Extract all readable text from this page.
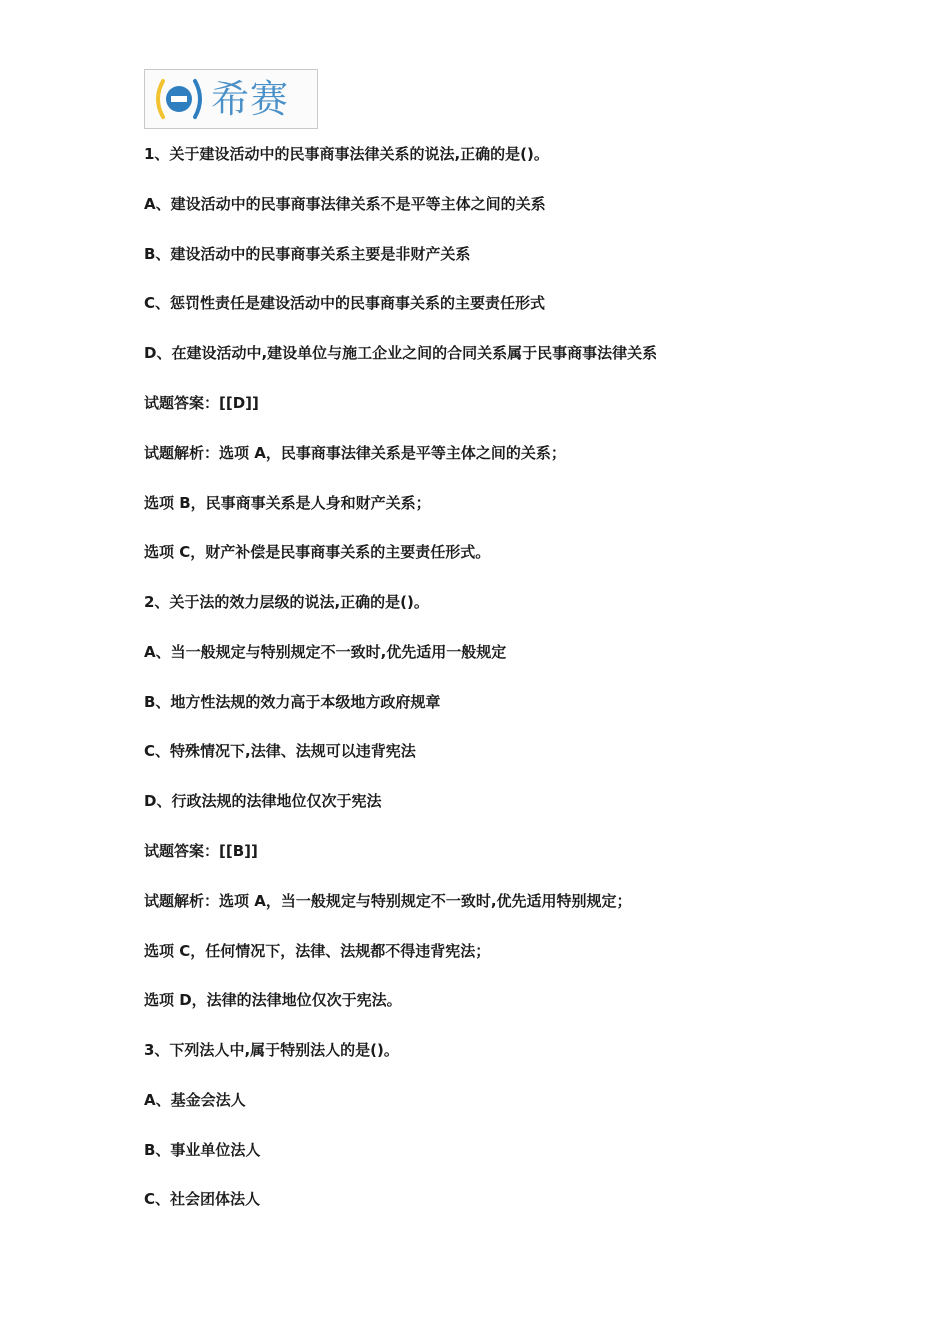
希赛
1、关于建设活动中的民事商事法律关系的说法,正确的是()。
A、建设活动中的民事商事法律关系不是平等主体之间的关系
B、建设活动中的民事商事关系主要是非财产关系
C、惩罚性责任是建设活动中的民事商事关系的主要责任形式
D、在建设活动中,建设单位与施工企业之间的合同关系属于民事商事法律关系
试题答案：[[D]]
试题解析：选项 A，民事商事法律关系是平等主体之间的关系；
选项 B，民事商事关系是人身和财产关系；
选项 C，财产补偿是民事商事关系的主要责任形式。
2、关于法的效力层级的说法,正确的是()。
A、当一般规定与特别规定不一致时,优先适用一般规定
B、地方性法规的效力高于本级地方政府规章
C、特殊情况下,法律、法规可以违背宪法
D、行政法规的法律地位仅次于宪法
试题答案：[[B]]
试题解析：选项 A，当一般规定与特别规定不一致时,优先适用特别规定；
选项 C，任何情况下，法律、法规都不得违背宪法；
选项 D，法律的法律地位仅次于宪法。
3、下列法人中,属于特别法人的是()。
A、基金会法人
B、事业单位法人
C、社会团体法人
